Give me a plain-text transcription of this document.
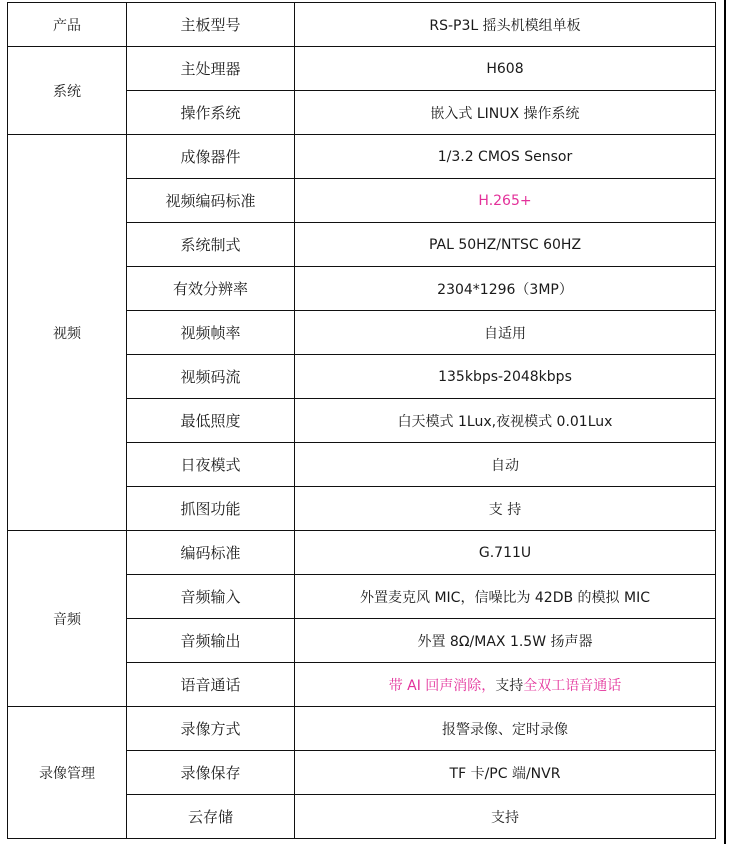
产品	主板型号	RS-P3L 摇头机模组单板
系统	主处理器	H608
	操作系统	嵌入式 LINUX 操作系统
视频	成像器件	1/3.2 CMOS Sensor
	视频编码标准	H.265+
	系统制式	PAL 50HZ/NTSC 60HZ
	有效分辨率	2304*1296（3MP）
	视频帧率	自适用
	视频码流	135kbps-2048kbps
	最低照度	白天模式 1Lux,夜视模式 0.01Lux
	日夜模式	自动
	抓图功能	支 持
音频	编码标准	G.711U
	音频输入	外置麦克风 MIC，信噪比为 42DB 的模拟 MIC
	音频输出	外置 8Ω/MAX 1.5W 扬声器
	语音通话	带 AI 回声消除，支持全双工语音通话
录像管理	录像方式	报警录像、定时录像
	录像保存	TF 卡/PC 端/NVR
	云存储	支持
